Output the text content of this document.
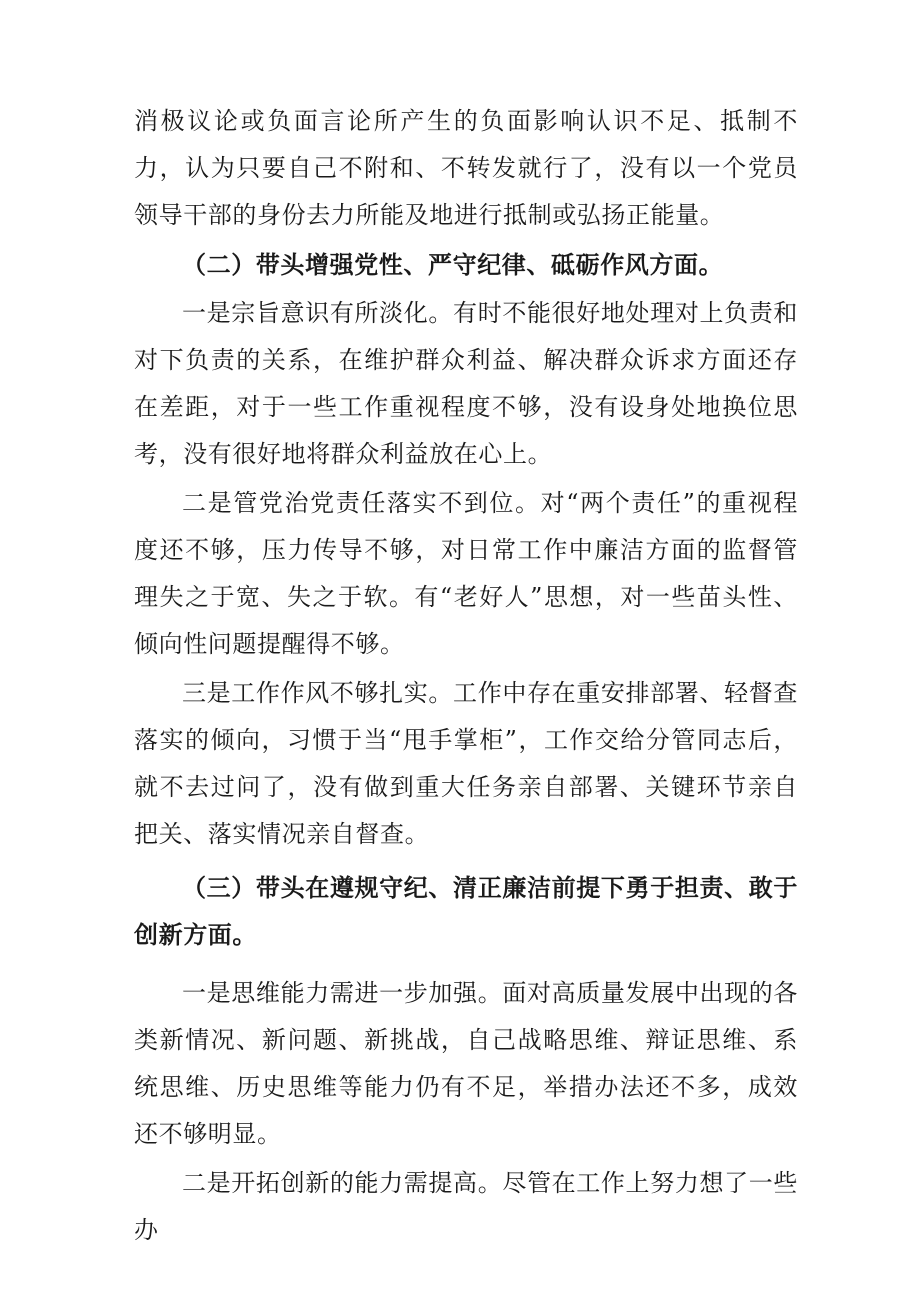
消极议论或负面言论所产生的负面影响认识不足、抵制不力，认为只要自己不附和、不转发就行了，没有以一个党员领导干部的身份去力所能及地进行抵制或弘扬正能量。

（二）带头增强党性、严守纪律、砥砺作风方面。

一是宗旨意识有所淡化。有时不能很好地处理对上负责和对下负责的关系，在维护群众利益、解决群众诉求方面还存在差距，对于一些工作重视程度不够，没有设身处地换位思考，没有很好地将群众利益放在心上。

二是管党治党责任落实不到位。对“两个责任”的重视程度还不够，压力传导不够，对日常工作中廉洁方面的监督管理失之于宽、失之于软。有“老好人”思想，对一些苗头性、倾向性问题提醒得不够。

三是工作作风不够扎实。工作中存在重安排部署、轻督查落实的倾向，习惯于当“甩手掌柜”，工作交给分管同志后，就不去过问了，没有做到重大任务亲自部署、关键环节亲自把关、落实情况亲自督查。

（三）带头在遵规守纪、清正廉洁前提下勇于担责、敢于创新方面。

一是思维能力需进一步加强。面对高质量发展中出现的各类新情况、新问题、新挑战，自己战略思维、辩证思维、系统思维、历史思维等能力仍有不足，举措办法还不多，成效还不够明显。

二是开拓创新的能力需提高。尽管在工作上努力想了一些办
